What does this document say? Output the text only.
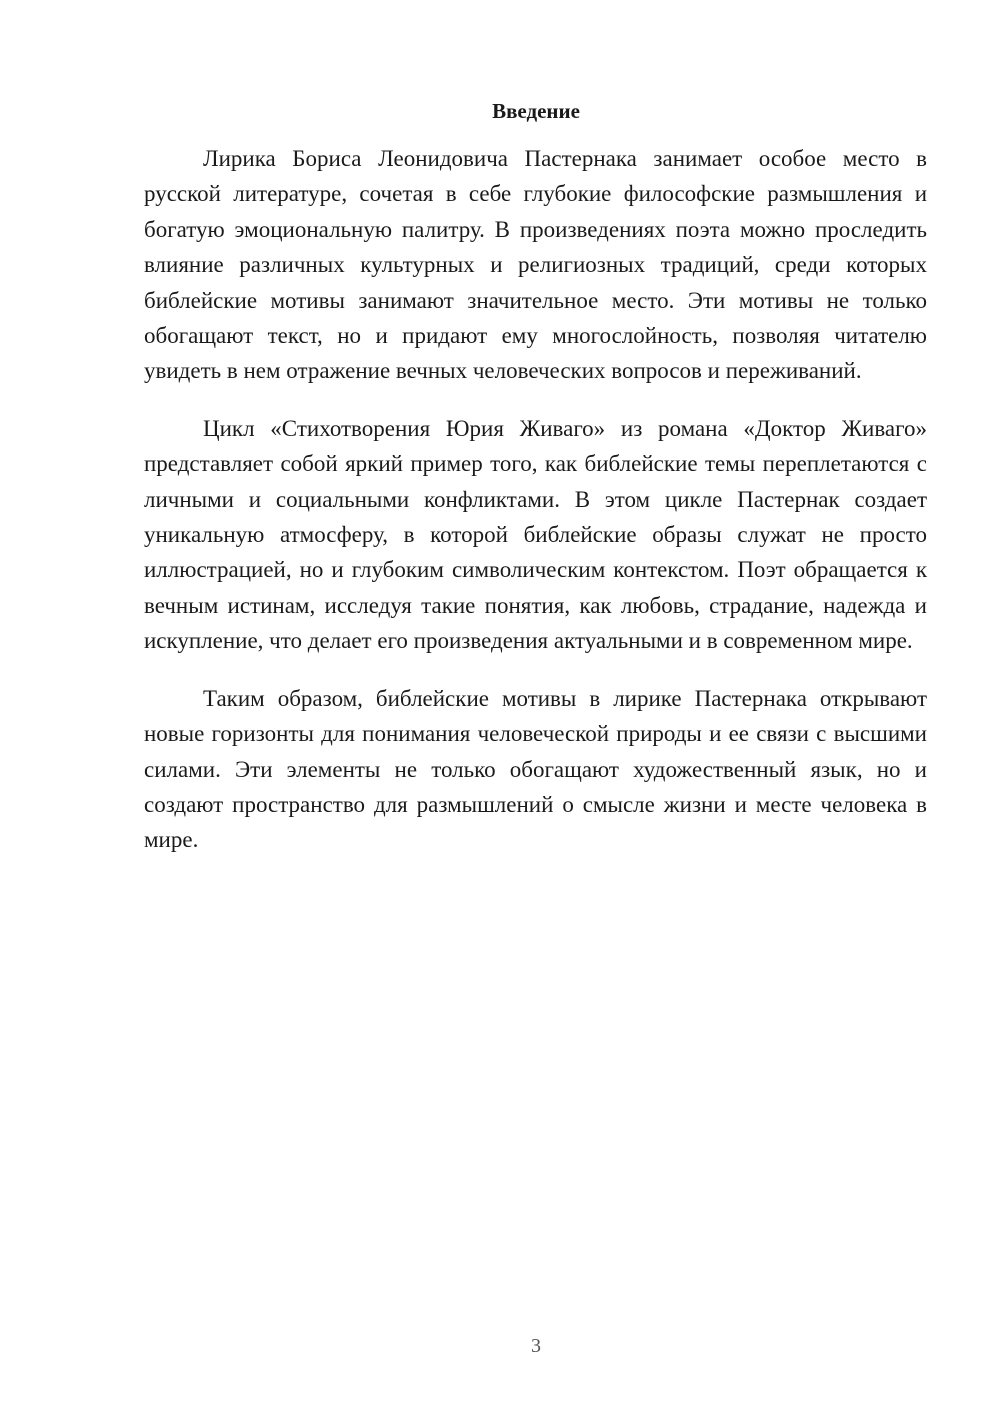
Введение

Лирика Бориса Леонидовича Пастернака занимает особое место в русской литературе, сочетая в себе глубокие философские размышления и богатую эмоциональную палитру. В произведениях поэта можно проследить влияние различных культурных и религиозных традиций, среди которых библейские мотивы занимают значительное место. Эти мотивы не только обогащают текст, но и придают ему многослойность, позволяя читателю увидеть в нем отражение вечных человеческих вопросов и переживаний.

Цикл «Стихотворения Юрия Живаго» из романа «Доктор Живаго» представляет собой яркий пример того, как библейские темы переплетаются с личными и социальными конфликтами. В этом цикле Пастернак создает уникальную атмосферу, в которой библейские образы служат не просто иллюстрацией, но и глубоким символическим контекстом. Поэт обращается к вечным истинам, исследуя такие понятия, как любовь, страдание, надежда и искупление, что делает его произведения актуальными и в современном мире.

Таким образом, библейские мотивы в лирике Пастернака открывают новые горизонты для понимания человеческой природы и ее связи с высшими силами. Эти элементы не только обогащают художественный язык, но и создают пространство для размышлений о смысле жизни и месте человека в мире.

3
